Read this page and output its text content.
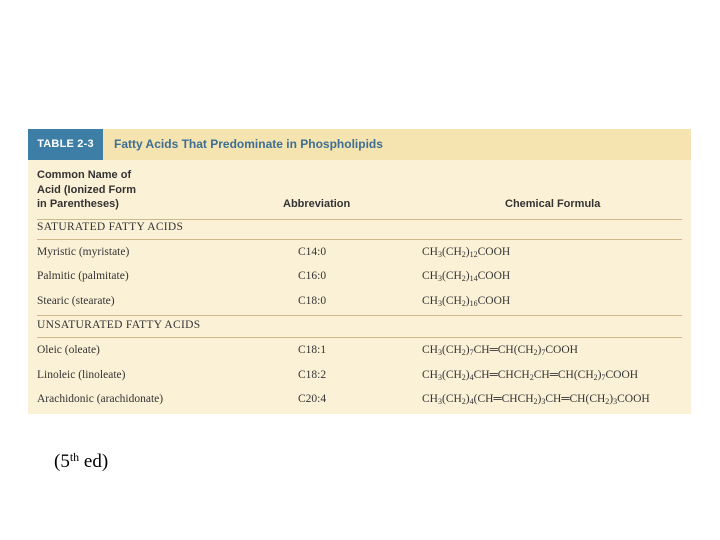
TABLE 2-3	Fatty Acids That Predominate in Phospholipids
Common Name of
Acid (Ionized Form
in Parentheses)	Abbreviation	Chemical Formula
SATURATED FATTY ACIDS
Myristic (myristate)	C14:0	$CH_3(CH_2)_{12}COOH$
Palmitic (palmitate)	C16:0	$CH_3(CH_2)_{14}COOH$
Stearic (stearate)	C18:0	$CH_3(CH_2)_{16}COOH$
UNSATURATED FATTY ACIDS
Oleic (oleate)	C18:1	$CH_3(CH_2)_7CH═CH(CH_2)_7COOH$
Linoleic (linoleate)	C18:2	$CH_3(CH_2)_4CH═CHCH_2CH═CH(CH_2)_7COOH$
Arachidonic (arachidonate)	C20:4	$CH_3(CH_2)_4(CH═CHCH_2)_3CH═CH(CH_2)_3COOH$
(5th ed)
